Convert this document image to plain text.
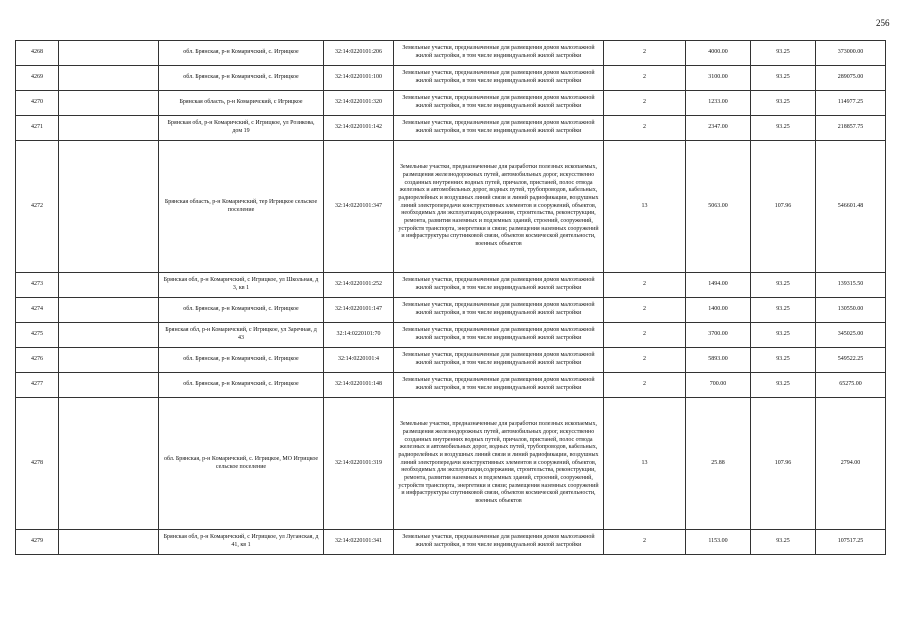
256
4268		обл. Брянская, р-н Комаричский, с. Игрицкое	32:14:0220101:206	Земельные участки, предназначенные для размещения домов малоэтажной жилой застройки, в том числе индивидуальной жилой застройки	2	4000.00	93.25	373000.00
4269		обл. Брянская, р-н Комаричский, с. Игрицкое	32:14:0220101:100	Земельные участки, предназначенные для размещения домов малоэтажной жилой застройки, в том числе индивидуальной жилой застройки	2	3100.00	93.25	289075.00
4270		Брянская область, р-н Комаричский, с Игрицкое	32:14:0220101:320	Земельные участки, предназначенные для размещения домов малоэтажной жилой застройки, в том числе индивидуальной жилой застройки	2	1233.00	93.25	114977.25
4271		Брянская обл, р-н Комаричский, с Игрицкое, ул Розикова, дом 19	32:14:0220101:142	Земельные участки, предназначенные для размещения домов малоэтажной жилой застройки, в том числе индивидуальной жилой застройки	2	2347.00	93.25	218857.75
4272		Брянская область, р-н Комаричский, тер Игрицкое сельское поселение	32:14:0220101:347	Земельные участки, предназначенные для разработки полезных ископаемых, размещения железнодорожных путей, автомобильных дорог, искусственно созданных внутренних водных путей, причалов, пристаней, полос отвода железных и автомобильных дорог, водных путей, трубопроводов, кабельных, радиорелейных и воздушных линий связи и линий радиофикации, воздушных линий электропередачи конструктивных элементов и сооружений, объектов, необходимых для эксплуатации,содержания, строительства, реконструкции, ремонта, развития наземных и подземных зданий, строений, сооружений, устройств транспорта, энергетики и связи; размещения наземных сооружений и инфраструктуры спутниковой связи, объектов космической деятельности, военных объектов	13	5063.00	107.96	546601.48
4273		Брянская обл, р-н Комаричский, с Игрицкое, ул Школьная, д 3, кв 1	32:14:0220101:252	Земельные участки, предназначенные для размещения домов малоэтажной жилой застройки, в том числе индивидуальной жилой застройки	2	1494.00	93.25	139315.50
4274		обл. Брянская, р-н Комаричский, с. Игрицкое	32:14:0220101:147	Земельные участки, предназначенные для размещения домов малоэтажной жилой застройки, в том числе индивидуальной жилой застройки	2	1400.00	93.25	130550.00
4275		Брянская обл, р-н Комаричский, с Игрицкое, ул Заречная, д 43	32:14:0220101:70	Земельные участки, предназначенные для размещения домов малоэтажной жилой застройки, в том числе индивидуальной жилой застройки	2	3700.00	93.25	345025.00
4276		обл. Брянская, р-н Комаричский, с. Игрицкое	32:14:0220101:4	Земельные участки, предназначенные для размещения домов малоэтажной жилой застройки, в том числе индивидуальной жилой застройки	2	5893.00	93.25	549522.25
4277		обл. Брянская, р-н Комаричский, с. Игрицкое	32:14:0220101:148	Земельные участки, предназначенные для размещения домов малоэтажной жилой застройки, в том числе индивидуальной жилой застройки	2	700.00	93.25	65275.00
4278		обл. Брянская, р-н Комаричский, с. Игрицкое, МО Игрицкое сельское поселение	32:14:0220101:319	Земельные участки, предназначенные для разработки полезных ископаемых, размещения железнодорожных путей, автомобильных дорог, искусственно созданных внутренних водных путей, причалов, пристаней, полос отвода железных и автомобильных дорог, водных путей, трубопроводов, кабельных, радиорелейных и воздушных линий связи и линий радиофикации, воздушных линий электропередачи конструктивных элементов и сооружений, объектов, необходимых для эксплуатации,содержания, строительства, реконструкции, ремонта, развития наземных и подземных зданий, строений, сооружений, устройств транспорта, энергетики и связи; размещения наземных сооружений и инфраструктуры спутниковой связи, объектов космической деятельности, военных объектов	13	25.88	107.96	2794.00
4279		Брянская обл, р-н Комаричский, с Игрицкое, ул Луганская, д 41, кв 1	32:14:0220101:341	Земельные участки, предназначенные для размещения домов малоэтажной жилой застройки, в том числе индивидуальной жилой застройки	2	1153.00	93.25	107517.25
